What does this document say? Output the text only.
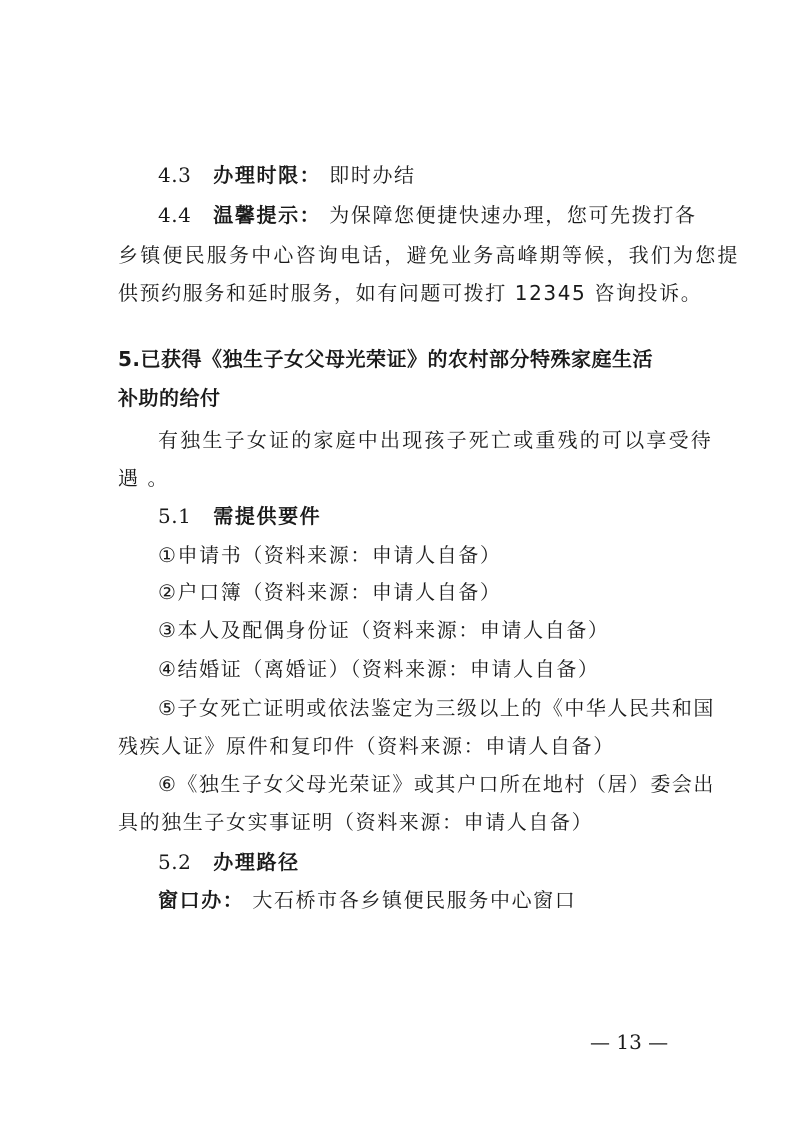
4.3 办理时限： 即时办结
4.4 温馨提示： 为保障您便捷快速办理，您可先拨打各
乡镇便民服务中心咨询电话，避免业务高峰期等候，我们为您提
供预约服务和延时服务，如有问题可拨打 12345 咨询投诉。
5.已获得《独生子女父母光荣证》的农村部分特殊家庭生活
补助的给付
有独生子女证的家庭中出现孩子死亡或重残的可以享受待
遇 。
5.1 需提供要件
①申请书（资料来源：申请人自备）
②户口簿（资料来源：申请人自备）
③本人及配偶身份证（资料来源：申请人自备）
④结婚证（离婚证）（资料来源：申请人自备）
⑤子女死亡证明或依法鉴定为三级以上的《中华人民共和国
残疾人证》原件和复印件（资料来源：申请人自备）
⑥《独生子女父母光荣证》或其户口所在地村（居）委会出
具的独生子女实事证明（资料来源：申请人自备）
5.2 办理路径
窗口办： 大石桥市各乡镇便民服务中心窗口
— 13 —
